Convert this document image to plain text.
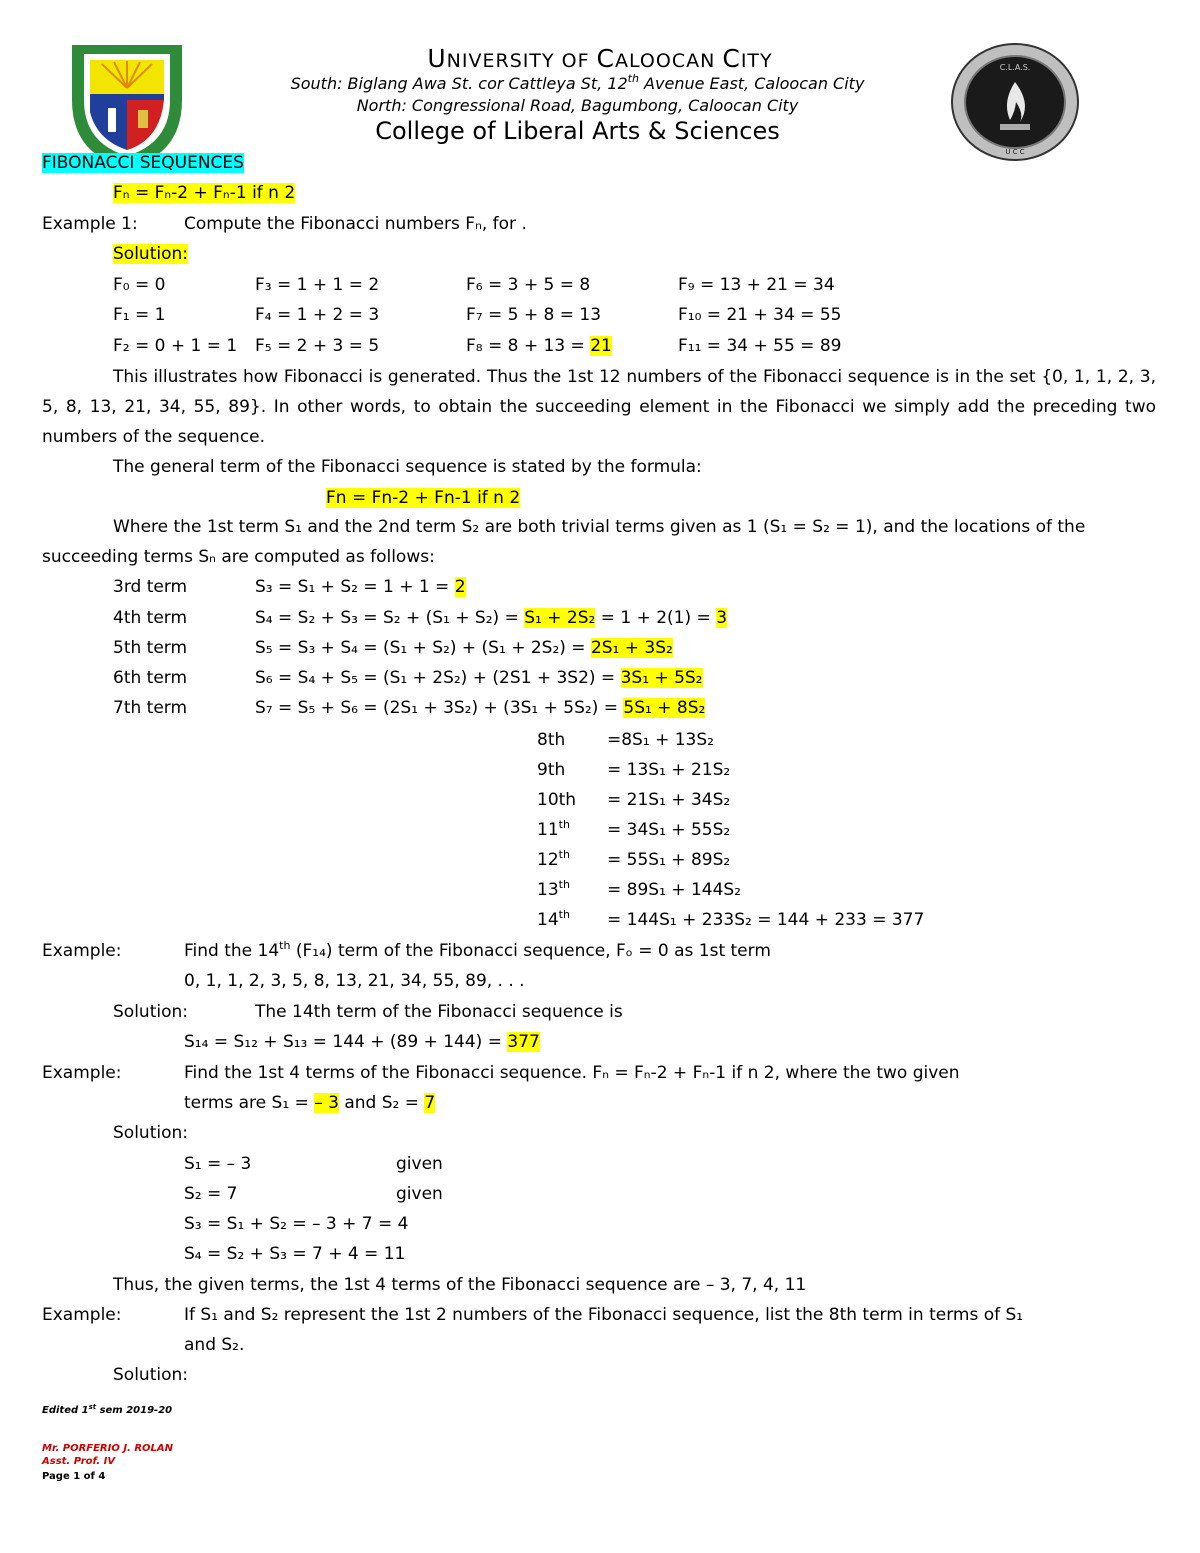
C.L.A.S.
U C C
UNIVERSITY OF CALOOCAN CITY
South: Biglang Awa St. cor Cattleya St, 12th Avenue East, Caloocan City
North: Congressional Road, Bagumbong, Caloocan City
College of Liberal Arts & Sciences
FIBONACCI SEQUENCES
Fₙ = Fₙ-2 + Fₙ-1 if n 2
Example 1:	Compute the Fibonacci numbers Fₙ, for .
Solution:
F₀ = 0	F₃ = 1 + 1 = 2	F₆ = 3 + 5 = 8	F₉ = 13 + 21 = 34
F₁ = 1	F₄ = 1 + 2 = 3	F₇ = 5 + 8 = 13	F₁₀ = 21 + 34 = 55
F₂ = 0 + 1 = 1 F₅ = 2 + 3 = 5	F₈ = 8 + 13 = 21	F₁₁ = 34 + 55 = 89
This illustrates how Fibonacci is generated. Thus the 1st 12 numbers of the Fibonacci sequence is in the set {0, 1, 1, 2, 3, 5, 8, 13, 21, 34, 55, 89}. In other words, to obtain the succeeding element in the Fibonacci we simply add the preceding two numbers of the sequence.
The general term of the Fibonacci sequence is stated by the formula:
Fn = Fn-2 + Fn-1 if n 2
Where the 1st term S₁ and the 2nd term S₂ are both trivial terms given as 1 (S₁ = S₂ = 1), and the locations of the succeeding terms Sₙ are computed as follows:
3rd term	S₃ = S₁ + S₂ = 1 + 1 = 2
4th term	S₄ = S₂ + S₃ = S₂ + (S₁ + S₂) = S₁ + 2S₂ = 1 + 2(1) = 3
5th term	S₅ = S₃ + S₄ = (S₁ + S₂) + (S₁ + 2S₂) = 2S₁ + 3S₂
6th term	S₆ = S₄ + S₅ = (S₁ + 2S₂) + (2S1 + 3S2) = 3S₁ + 5S₂
7th term	S₇ = S₅ + S₆ = (2S₁ + 3S₂) + (3S₁ + 5S₂) = 5S₁ + 8S₂
8th =8S₁ + 13S₂
9th = 13S₁ + 21S₂
10th = 21S₁ + 34S₂
11th = 34S₁ + 55S₂
12th = 55S₁ + 89S₂
13th = 89S₁ + 144S₂
14th = 144S₁ + 233S₂ = 144 + 233 = 377
Example:	Find the 14th (F₁₄) term of the Fibonacci sequence, Fₒ = 0 as 1st term
0, 1, 1, 2, 3, 5, 8, 13, 21, 34, 55, 89, . . .
Solution:	The 14th term of the Fibonacci sequence is
S₁₄ = S₁₂ + S₁₃ = 144 + (89 + 144) = 377
Example:	Find the 1st 4 terms of the Fibonacci sequence. Fₙ = Fₙ-2 + Fₙ-1 if n 2, where the two given
terms are S₁ = – 3 and S₂ = 7
Solution:
S₁ = – 3	given
S₂ = 7	given
S₃ = S₁ + S₂ = – 3 + 7 = 4
S₄ = S₂ + S₃ = 7 + 4 = 11
Thus, the given terms, the 1st 4 terms of the Fibonacci sequence are – 3, 7, 4, 11
Example:	If S₁ and S₂ represent the 1st 2 numbers of the Fibonacci sequence, list the 8th term in terms of S₁
and S₂.
Solution:
Edited 1st sem 2019-20
Mr. PORFERIO J. ROLAN
Asst. Prof. IV
Page 1 of 4
